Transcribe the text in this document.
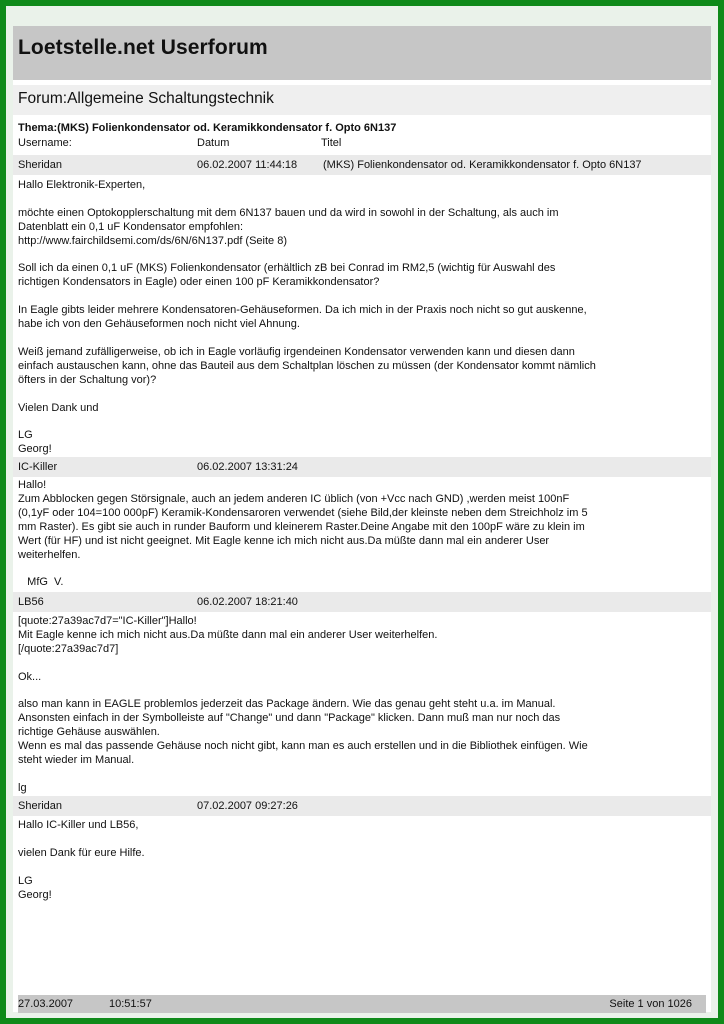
Loetstelle.net Userforum
Forum:Allgemeine Schaltungstechnik
Thema:(MKS) Folienkondensator od. Keramikkondensator f. Opto 6N137
Username:	Datum	Titel
Sheridan	06.02.2007 11:44:18 (MKS) Folienkondensator od. Keramikkondensator f. Opto 6N137
Hallo Elektronik-Experten,

möchte einen Optokopplerschaltung mit dem 6N137 bauen und da wird in sowohl in der Schaltung, als auch im
Datenblatt ein 0,1 uF Kondensator empfohlen:
http://www.fairchildsemi.com/ds/6N/6N137.pdf (Seite 8)

Soll ich da einen 0,1 uF (MKS) Folienkondensator (erhältlich zB bei Conrad im RM2,5 (wichtig für Auswahl des
richtigen Kondensators in Eagle) oder einen 100 pF Keramikkondensator?

In Eagle gibts leider mehrere Kondensatoren-Gehäuseformen. Da ich mich in der Praxis noch nicht so gut auskenne,
habe ich von den Gehäuseformen noch nicht viel Ahnung.

Weiß jemand zufälligerweise, ob ich in Eagle vorläufig irgendeinen Kondensator verwenden kann und diesen dann
einfach austauschen kann, ohne das Bauteil aus dem Schaltplan löschen zu müssen (der Kondensator kommt nämlich
öfters in der Schaltung vor)?

Vielen Dank und

LG
Georg!
IC-Killer	06.02.2007 13:31:24
Hallo!
Zum Abblocken gegen Störsignale, auch an jedem anderen IC üblich (von +Vcc nach GND) ,werden meist 100nF
(0,1yF oder 104=100 000pF) Keramik-Kondensaroren verwendet (siehe Bild,der kleinste neben dem Streichholz im 5
mm Raster). Es gibt sie auch in runder Bauform und kleinerem Raster.Deine Angabe mit den 100pF wäre zu klein im
Wert (für HF) und ist nicht geeignet. Mit Eagle kenne ich mich nicht aus.Da müßte dann mal ein anderer User
weiterhelfen.

MfG  V.
LB56	06.02.2007 18:21:40
[quote:27a39ac7d7="IC-Killer"]Hallo!
Mit Eagle kenne ich mich nicht aus.Da müßte dann mal ein anderer User weiterhelfen.
[/quote:27a39ac7d7]

Ok...

also man kann in EAGLE problemlos jederzeit das Package ändern. Wie das genau geht steht u.a. im Manual.
Ansonsten einfach in der Symbolleiste auf "Change" und dann "Package" klicken. Dann muß man nur noch das
richtige Gehäuse auswählen.
Wenn es mal das passende Gehäuse noch nicht gibt, kann man es auch erstellen und in die Bibliothek einfügen. Wie
steht wieder im Manual.

lg
Sheridan	07.02.2007 09:27:26
Hallo IC-Killer und LB56,

vielen Dank für eure Hilfe.

LG
Georg!
27.03.2007	10:51:57	Seite 1 von 1026
